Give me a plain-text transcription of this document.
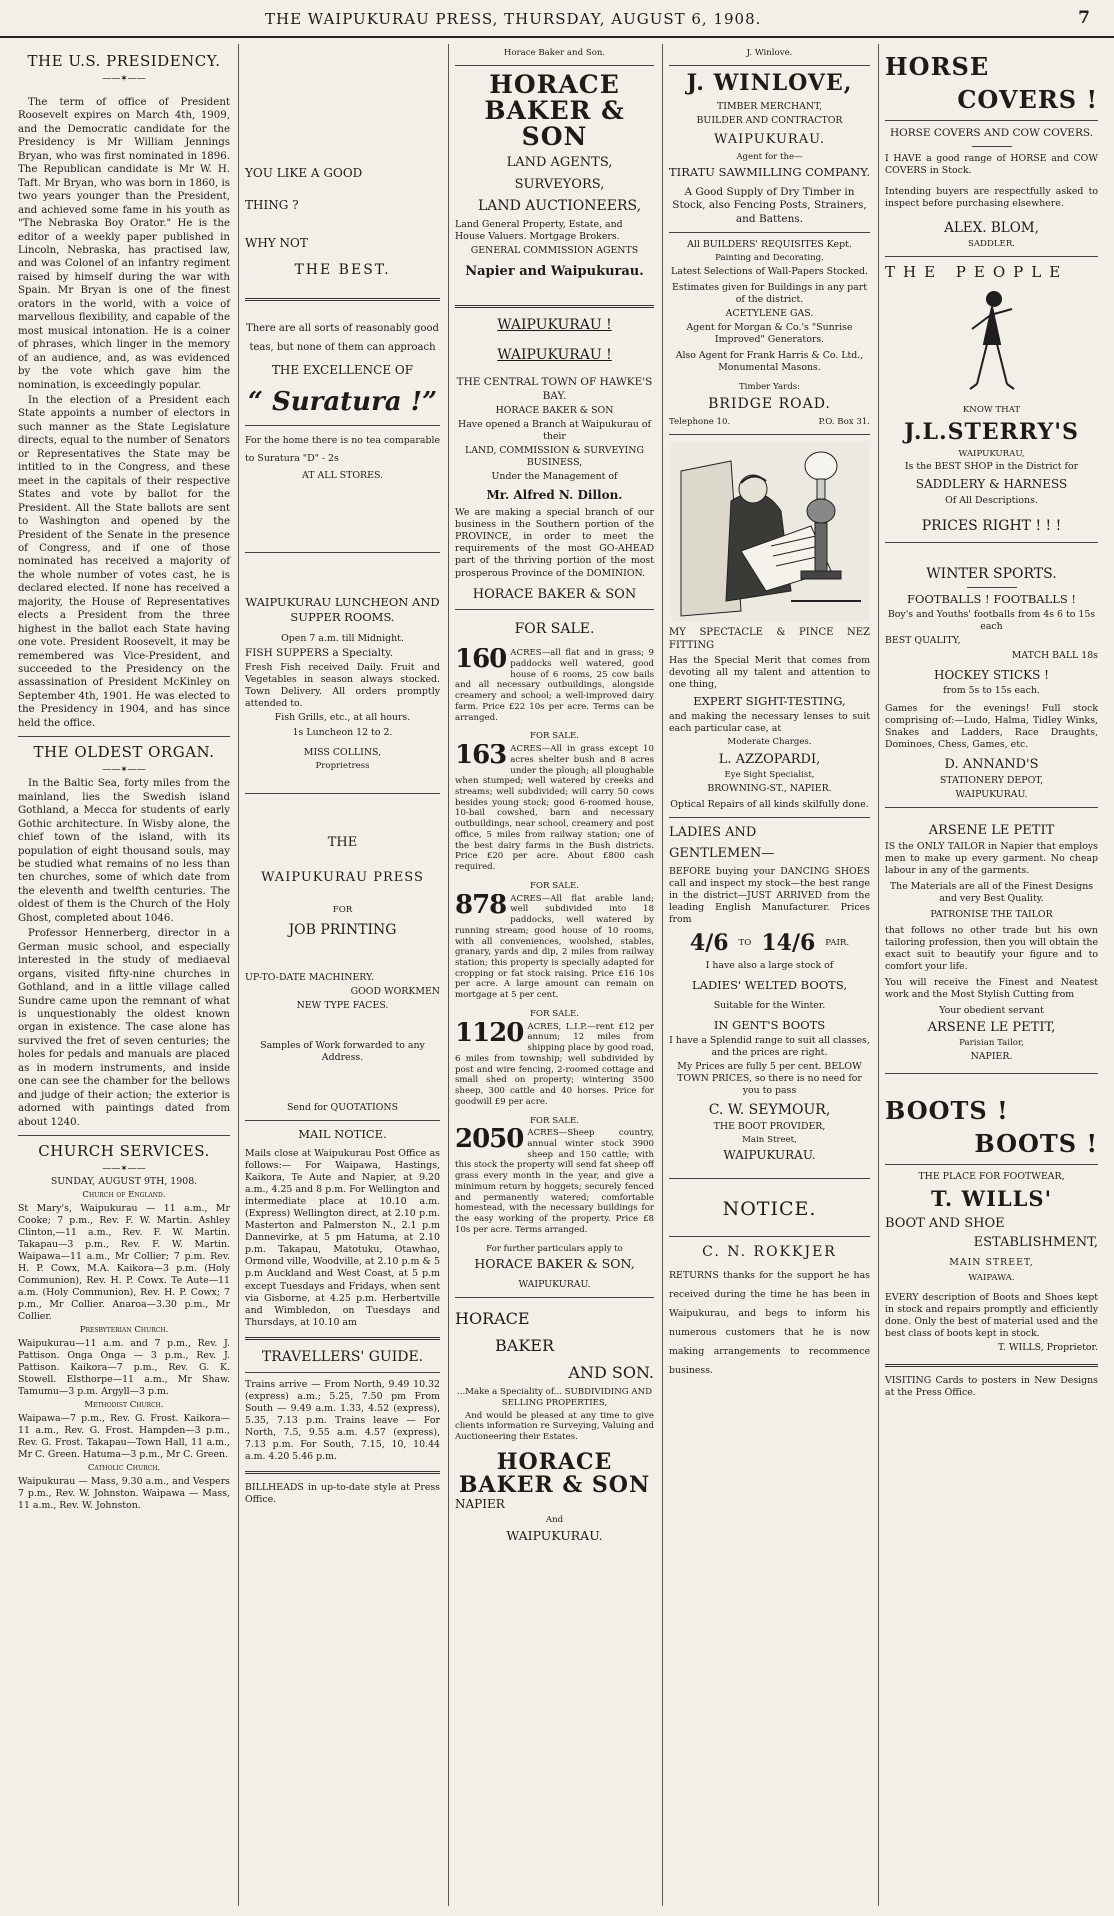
THE WAIPUKURAU PRESS, THURSDAY, AUGUST 6, 1908.	7
THE U.S. PRESIDENCY.
——✶——

The term of office of President Roosevelt expires on March 4th, 1909, and the Democratic candidate for the Presidency is Mr William Jennings Bryan, who was first nominated in 1896. The Republican candidate is Mr W. H. Taft. Mr Bryan, who was born in 1860, is two years younger than the President, and achieved some fame in his youth as "The Nebraska Boy Orator." He is the editor of a weekly paper published in Lincoln, Nebraska, has practised law, and was Colonel of an infantry regiment raised by himself during the war with Spain. Mr Bryan is one of the finest orators in the world, with a voice of marvellous flexibility, and capable of the most musical intonation. He is a coiner of phrases, which linger in the memory of an audience, and, as was evidenced by the vote which gave him the nomination, is exceedingly popular.

In the election of a President each State appoints a number of electors in such manner as the State Legislature directs, equal to the number of Senators or Representatives the State may be intitled to in the Congress, and these meet in the capitals of their respective States and vote by ballot for the President. All the State ballots are sent to Washington and opened by the President of the Senate in the presence of Congress, and if one of those nominated has received a majority of the whole number of votes cast, he is declared elected. If none has received a majority, the House of Representatives elects a President from the three highest in the ballot each State having one vote. President Roosevelt, it may be remembered was Vice-President, and succeeded to the Presidency on the assassination of President McKinley on September 4th, 1901. He was elected to the Presidency in 1904, and has since held the office.

THE OLDEST ORGAN.
——✶——

In the Baltic Sea, forty miles from the mainland, lies the Swedish island Gothland, a Mecca for students of early Gothic architecture. In Wisby alone, the chief town of the island, with its population of eight thousand souls, may be studied what remains of no less than ten churches, some of which date from the eleventh and twelfth centuries. The oldest of them is the Church of the Holy Ghost, completed about 1046.

Professor Hennerberg, director in a German music school, and especially interested in the study of mediaeval organs, visited fifty-nine churches in Gothland, and in a little village called Sundre came upon the remnant of what is unquestionably the oldest known organ in existence. The case alone has survived the fret of seven centuries; the holes for pedals and manuals are placed as in modern instruments, and inside one can see the chamber for the bellows and judge of their action; the exterior is adorned with paintings dated from about 1240.

CHURCH SERVICES.
——✶——

SUNDAY, AUGUST 9TH, 1908.

Church of England.

St Mary's, Waipukurau — 11 a.m., Mr Cooke; 7 p.m., Rev. F. W. Martin. Ashley Clinton,—11 a.m., Rev. F. W. Martin. Takapau—3 p.m., Rev. F. W. Martin. Waipawa—11 a.m., Mr Collier; 7 p.m. Rev. H. P. Cowx, M.A. Kaikora—3 p.m. (Holy Communion), Rev. H. P. Cowx. Te Aute—11 a.m. (Holy Communion), Rev. H. P. Cowx; 7 p.m., Mr Collier. Anaroa—3.30 p.m., Mr Collier.

Presbyterian Church.

Waipukurau—11 a.m. and 7 p.m., Rev. J. Pattison. Onga Onga — 3 p.m., Rev. J. Pattison. Kaikora—7 p.m., Rev. G. K. Stowell. Elsthorpe—11 a.m., Mr Shaw. Tamumu—3 p.m. Argyll—3 p.m.

Methodist Church.

Waipawa—7 p.m., Rev. G. Frost. Kaikora—11 a.m., Rev. G. Frost. Hampden—3 p.m., Rev. G. Frost. Takapau—Town Hall, 11 a.m., Mr C. Green. Hatuma—3 p.m., Mr C. Green.

Catholic Church.

Waipukurau — Mass, 9.30 a.m., and Vespers 7 p.m., Rev. W. Johnston. Waipawa — Mass, 11 a.m., Rev. W. Johnston.

YOU LIKE A GOOD

THING ?

WHY NOT

THE BEST.

There are all sorts of reasonably good teas, but none of them can approach

THE EXCELLENCE OF

“ Suratura !”

For the home there is no tea comparable to Suratura "D" - 2s

AT ALL STORES.

WAIPUKURAU LUNCHEON AND SUPPER ROOMS.

Open 7 a.m. till Midnight.

FISH SUPPERS a Specialty.

Fresh Fish received Daily. Fruit and Vegetables in season always stocked. Town Delivery. All orders promptly attended to.

Fish Grills, etc., at all hours.

1s Luncheon 12 to 2.

MISS COLLINS,

Proprietress

THE

WAIPUKURAU PRESS

FOR

JOB PRINTING

UP-TO-DATE MACHINERY.

GOOD WORKMEN

NEW TYPE FACES.

Samples of Work forwarded to any Address.

Send for QUOTATIONS

MAIL NOTICE.

Mails close at Waipukurau Post Office as follows:— For Waipawa, Hastings, Kaikora, Te Aute and Napier, at 9.20 a.m., 4.25 and 8 p.m. For Wellington and intermediate place at 10.10 a.m. (Express) Wellington direct, at 2.10 p.m. Masterton and Palmerston N., 2.1 p.m Dannevirke, at 5 pm Hatuma, at 2.10 p.m. Takapau, Matotuku, Otawhao, Ormond ville, Woodville, at 2.10 p.m & 5 p.m Auckland and West Coast, at 5 p.m except Tuesdays and Fridays, when sent via Gisborne, at 4.25 p.m. Herbertville and Wimbledon, on Tuesdays and Thursdays, at 10.10 am

TRAVELLERS' GUIDE.

Trains arrive — From North, 9.49 10.32 (express) a.m.; 5.25, 7.50 pm From South — 9.49 a.m. 1.33, 4.52 (express), 5.35, 7.13 p.m. Trains leave — For North, 7.5, 9.55 a.m. 4.57 (express), 7.13 p.m. For South, 7.15, 10, 10.44 a.m. 4.20 5.46 p.m.

BILLHEADS in up-to-date style at Press Office.

Horace Baker and Son.

HORACE BAKER & SON

LAND AGENTS,

SURVEYORS,

LAND AUCTIONEERS,

Land General Property, Estate, and House Valuers. Mortgage Brokers.

GENERAL COMMISSION AGENTS

Napier and Waipukurau.

WAIPUKURAU !

WAIPUKURAU !

THE CENTRAL TOWN OF HAWKE'S BAY.

HORACE BAKER & SON

Have opened a Branch at Waipukurau of their

LAND, COMMISSION & SURVEYING BUSINESS,

Under the Management of

Mr. Alfred N. Dillon.

We are making a special branch of our business in the Southern portion of the PROVINCE, in order to meet the requirements of the most GO-AHEAD part of the thriving portion of the most prosperous Province of the DOMINION.

HORACE BAKER & SON

FOR SALE.

160 ACRES—all flat and in grass; 9 paddocks well watered, good house of 6 rooms, 25 cow bails and all necessary outbuildings, alongside creamery and school; a well-improved dairy farm. Price £22 10s per acre. Terms can be arranged.

FOR SALE.

163 ACRES—All in grass except 10 acres shelter bush and 8 acres under the plough; all ploughable when stumped; well watered by creeks and streams; well subdivided; will carry 50 cows besides young stock; good 6-roomed house, 10-bail cowshed, barn and necessary outbuildings, near school, creamery and post office, 5 miles from railway station; one of the best dairy farms in the Bush districts. Price £20 per acre. About £800 cash required.

FOR SALE.

878 ACRES—All flat arable land; well subdivided into 18 paddocks, well watered by running stream; good house of 10 rooms, with all conveniences, woolshed, stables, granary, yards and dip, 2 miles from railway station; this property is specially adapted for cropping or fat stock raising. Price £16 10s per acre. A large amount can remain on mortgage at 5 per cent.

FOR SALE.

1120 ACRES, L.I.P.—rent £12 per annum; 12 miles from shipping place by good road, 6 miles from township; well subdivided by post and wire fencing, 2-roomed cottage and small shed on property; wintering 3500 sheep, 300 cattle and 40 horses. Price for goodwill £9 per acre.

FOR SALE.

2050 ACRES—Sheep country, annual winter stock 3900 sheep and 150 cattle; with this stock the property will send fat sheep off grass every month in the year, and give a minimum return by hoggets; securely fenced and permanently watered; comfortable homestead, with the necessary buildings for the easy working of the property. Price £8 10s per acre. Terms arranged.

For further particulars apply to

HORACE BAKER & SON,

WAIPUKURAU.

HORACE

BAKER

AND SON.

...Make a Speciality of... SUBDIVIDING AND SELLING PROPERTIES,

And would be pleased at any time to give clients information re Surveying, Valuing and Auctioneering their Estates.

HORACE BAKER & SON

NAPIER

And

WAIPUKURAU.

J. Winlove.

J. WINLOVE,

TIMBER MERCHANT,

BUILDER AND CONTRACTOR

WAIPUKURAU.

Agent for the—

TIRATU SAWMILLING COMPANY.

A Good Supply of Dry Timber in Stock, also Fencing Posts, Strainers, and Battens.

All BUILDERS' REQUISITES Kept.

Painting and Decorating.

Latest Selections of Wall-Papers Stocked.

Estimates given for Buildings in any part of the district.

ACETYLENE GAS.

Agent for Morgan & Co.'s "Sunrise Improved" Generators.

Also Agent for Frank Harris & Co. Ltd., Monumental Masons.

Timber Yards:

BRIDGE ROAD.

Telephone 10.	P.O. Box 31.

MY SPECTACLE & PINCE NEZ FITTING

Has the Special Merit that comes from devoting all my talent and attention to one thing,

EXPERT SIGHT-TESTING,

and making the necessary lenses to suit each particular case, at

Moderate Charges.

L. AZZOPARDI,

Eye Sight Specialist,

BROWNING-ST., NAPIER.

Optical Repairs of all kinds skilfully done.

LADIES AND

GENTLEMEN—

BEFORE buying your DANCING SHOES call and inspect my stock—the best range in the district—JUST ARRIVED from the leading English Manufacturer. Prices from

4/6 TO 14/6 PAIR.

I have also a large stock of

LADIES' WELTED BOOTS,

Suitable for the Winter.

IN GENT'S BOOTS

I have a Splendid range to suit all classes, and the prices are right.

My Prices are fully 5 per cent. BELOW TOWN PRICES, so there is no need for you to pass

C. W. SEYMOUR,

THE BOOT PROVIDER,

Main Street,

WAIPUKURAU.

NOTICE.

C. N. ROKKJER

RETURNS thanks for the support he has received during the time he has been in Waipukurau, and begs to inform his numerous customers that he is now making arrangements to recommence business.

HORSE
COVERS !

HORSE COVERS AND COW COVERS.

I HAVE a good range of HORSE and COW COVERS in Stock.

Intending buyers are respectfully asked to inspect before purchasing elsewhere.

ALEX. BLOM,

SADDLER.

THE PEOPLE

KNOW THAT

J.L.STERRY'S

WAIPUKURAU,

Is the BEST SHOP in the District for

SADDLERY & HARNESS

Of All Descriptions.

PRICES RIGHT ! ! !

WINTER SPORTS.

FOOTBALLS ! FOOTBALLS !

Boy's and Youths' footballs from 4s 6 to 15s each

BEST QUALITY,

MATCH BALL 18s

HOCKEY STICKS !

from 5s to 15s each.

Games for the evenings! Full stock comprising of:—Ludo, Halma, Tidley Winks, Snakes and Ladders, Race Draughts, Dominoes, Chess, Games, etc.

D. ANNAND'S

STATIONERY DEPOT,

WAIPUKURAU.

ARSENE LE PETIT

IS the ONLY TAILOR in Napier that employs men to make up every garment. No cheap labour in any of the garments.

The Materials are all of the Finest Designs and very Best Quality.

PATRONISE THE TAILOR

that follows no other trade but his own tailoring profession, then you will obtain the exact suit to beautify your figure and to comfort your life.

You will receive the Finest and Neatest work and the Most Stylish Cutting from

Your obedient servant

ARSENE LE PETIT,

Parisian Tailor,

NAPIER.

BOOTS !
BOOTS !

THE PLACE FOR FOOTWEAR,

T. WILLS'

BOOT AND SHOE

ESTABLISHMENT,

MAIN STREET,

WAIPAWA.

EVERY description of Boots and Shoes kept in stock and repairs promptly and efficiently done. Only the best of material used and the best class of boots kept in stock.

T. WILLS, Proprietor.

VISITING Cards to posters in New Designs at the Press Office.
